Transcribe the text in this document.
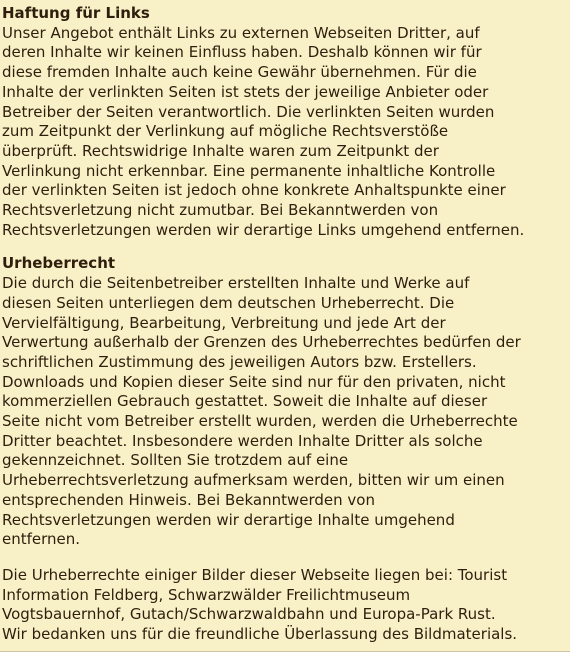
Haftung für Links
Unser Angebot enthält Links zu externen Webseiten Dritter, auf
deren Inhalte wir keinen Einfluss haben. Deshalb können wir für
diese fremden Inhalte auch keine Gewähr übernehmen. Für die
Inhalte der verlinkten Seiten ist stets der jeweilige Anbieter oder
Betreiber der Seiten verantwortlich. Die verlinkten Seiten wurden
zum Zeitpunkt der Verlinkung auf mögliche Rechtsverstöße
überprüft. Rechtswidrige Inhalte waren zum Zeitpunkt der
Verlinkung nicht erkennbar. Eine permanente inhaltliche Kontrolle
der verlinkten Seiten ist jedoch ohne konkrete Anhaltspunkte einer
Rechtsverletzung nicht zumutbar. Bei Bekanntwerden von
Rechtsverletzungen werden wir derartige Links umgehend entfernen.
Urheberrecht
Die durch die Seitenbetreiber erstellten Inhalte und Werke auf
diesen Seiten unterliegen dem deutschen Urheberrecht. Die
Vervielfältigung, Bearbeitung, Verbreitung und jede Art der
Verwertung außerhalb der Grenzen des Urheberrechtes bedürfen der
schriftlichen Zustimmung des jeweiligen Autors bzw. Erstellers.
Downloads und Kopien dieser Seite sind nur für den privaten, nicht
kommerziellen Gebrauch gestattet. Soweit die Inhalte auf dieser
Seite nicht vom Betreiber erstellt wurden, werden die Urheberrechte
Dritter beachtet. Insbesondere werden Inhalte Dritter als solche
gekennzeichnet. Sollten Sie trotzdem auf eine
Urheberrechtsverletzung aufmerksam werden, bitten wir um einen
entsprechenden Hinweis. Bei Bekanntwerden von
Rechtsverletzungen werden wir derartige Inhalte umgehend
entfernen.
Die Urheberrechte einiger Bilder dieser Webseite liegen bei: Tourist
Information Feldberg, Schwarzwälder Freilichtmuseum
Vogtsbauernhof, Gutach/Schwarzwaldbahn und Europa-Park Rust.
Wir bedanken uns für die freundliche Überlassung des Bildmaterials.
